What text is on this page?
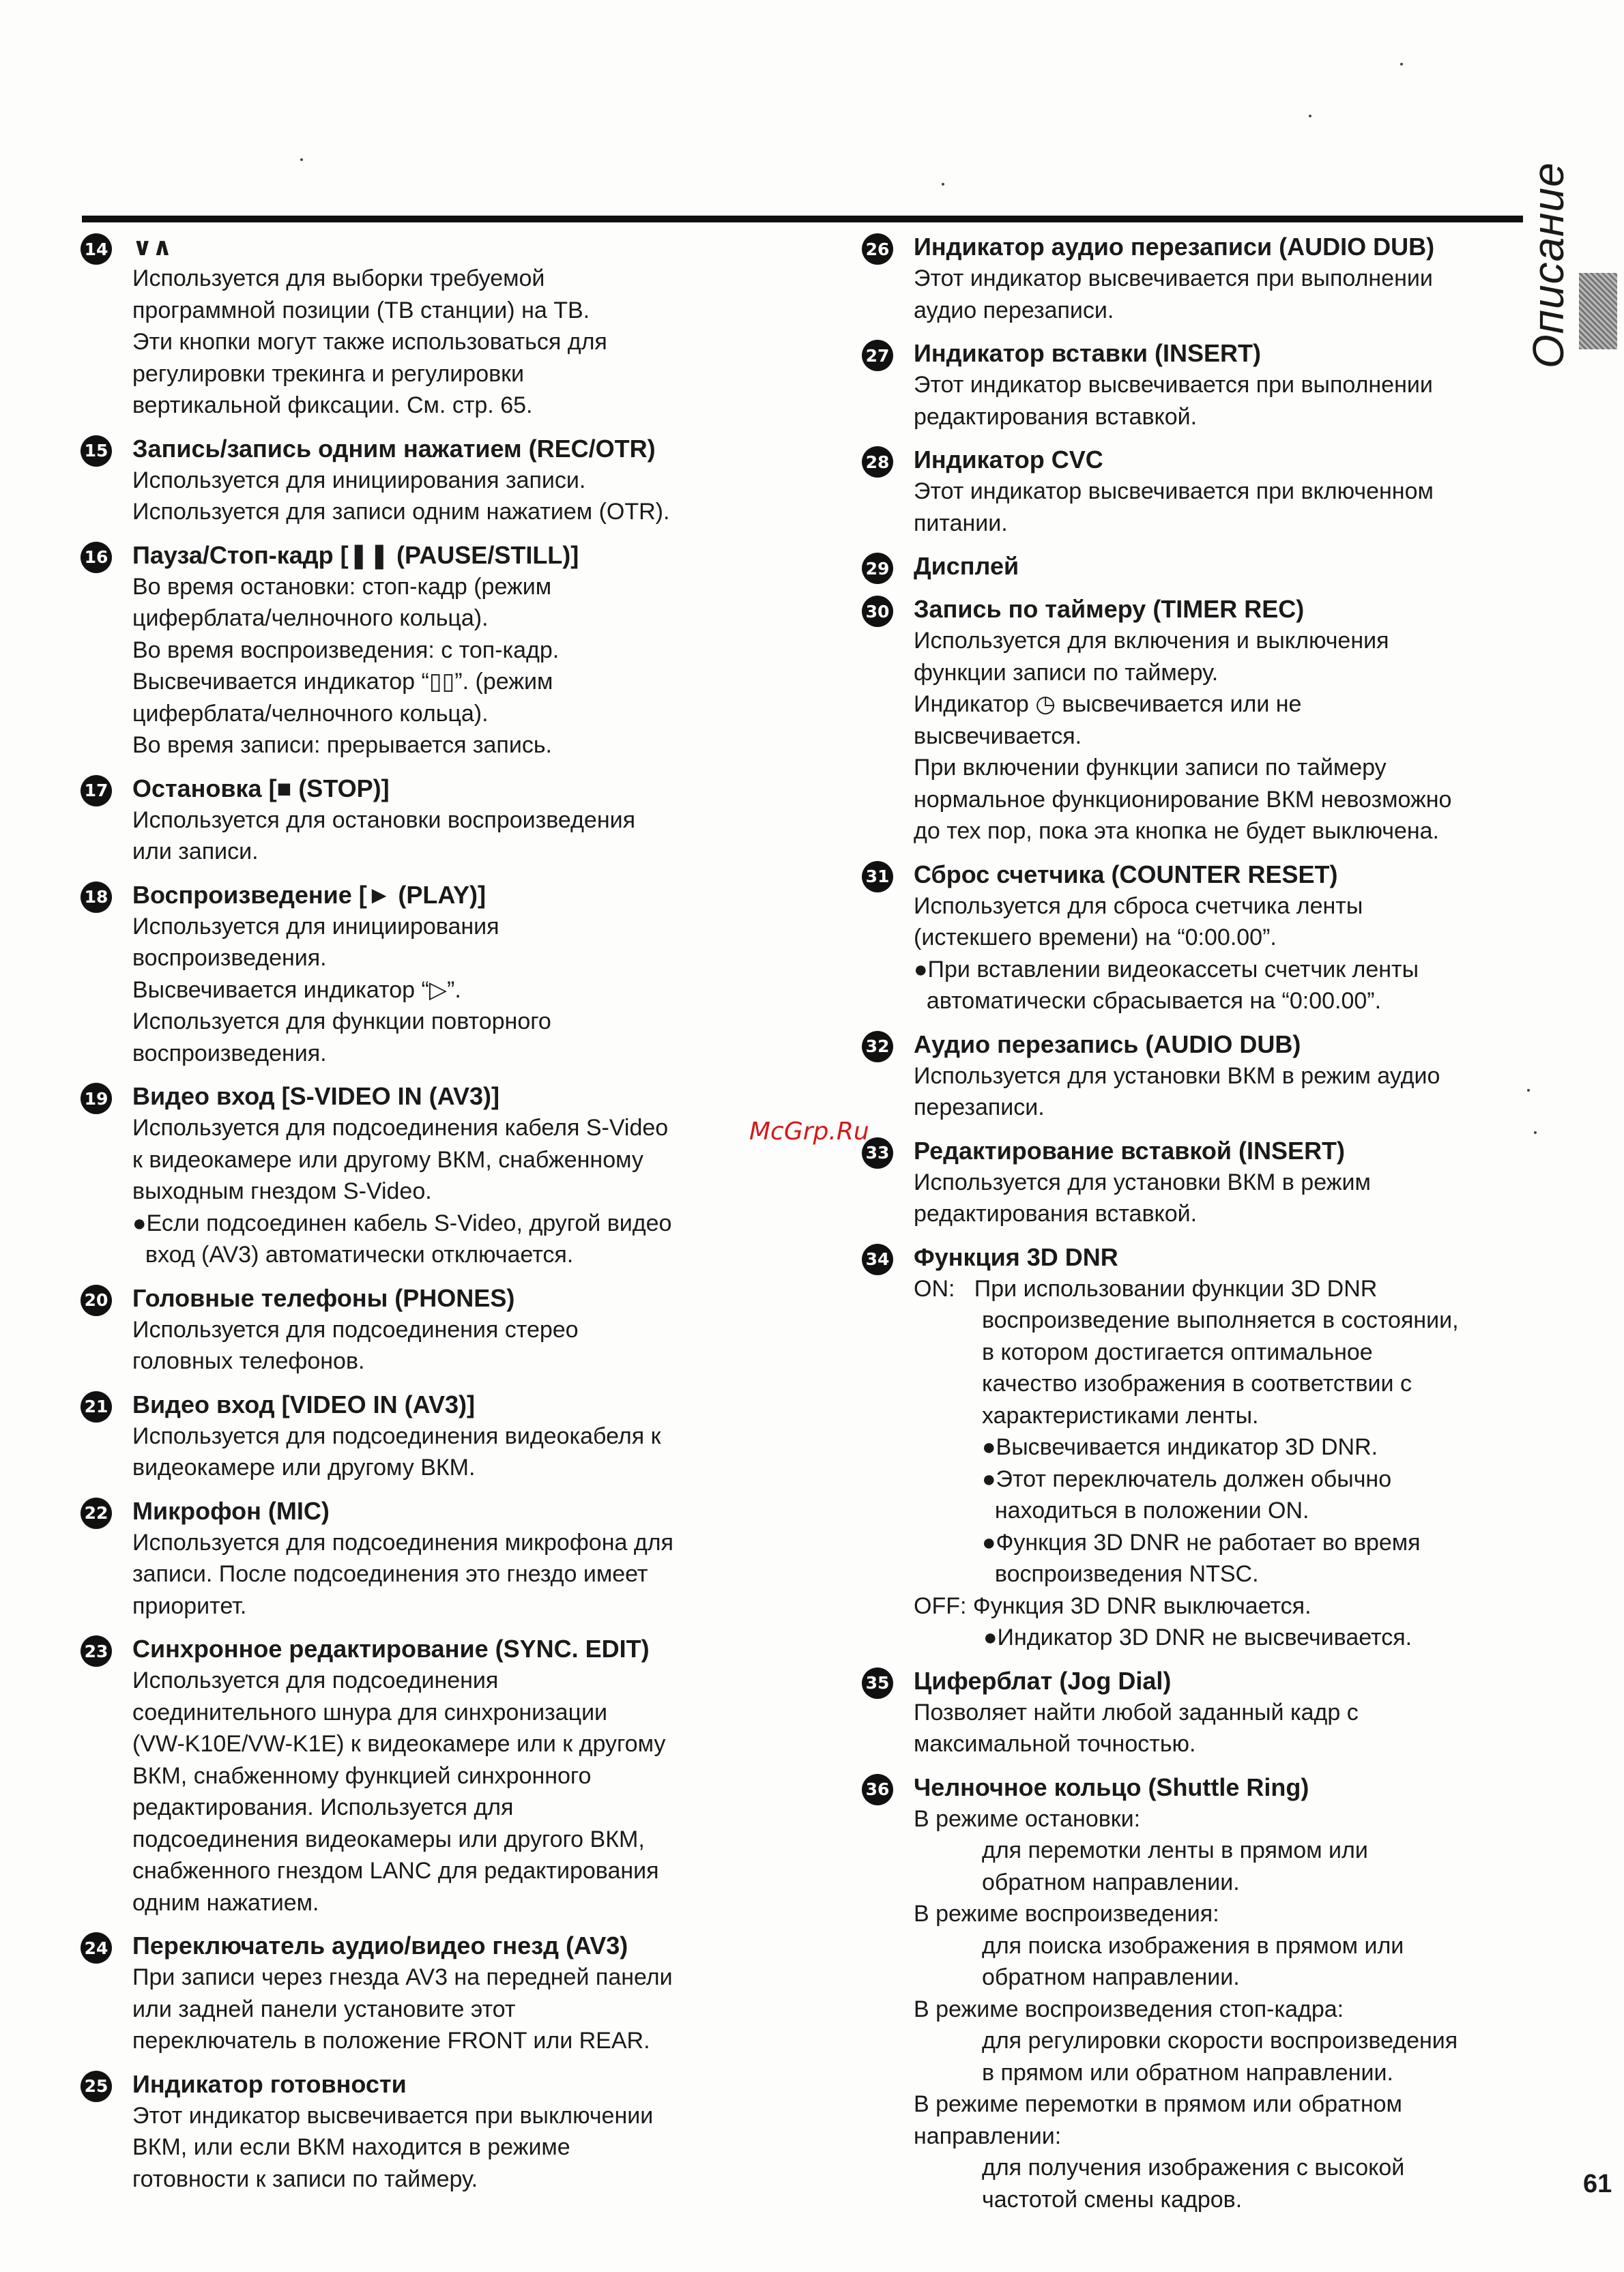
Описание
14 ∨∧
Используется для выборки требуемой
программной позиции (ТВ станции) на ТВ.
Эти кнопки могут также использоваться для
регулировки трекинга и регулировки
вертикальной фиксации. См. стр. 65.
15 Запись/запись одним нажатием (REC/OTR)
Используется для инициирования записи.
Используется для записи одним нажатием (OTR).
16 Пауза/Стоп-кадр [❚❚ (PAUSE/STILL)]
Во время остановки: стоп-кадр (режим
циферблата/челночного кольца).
Во время воспроизведения: с топ-кадр.
Высвечивается индикатор “▯▯”. (режим
циферблата/челночного кольца).
Во время записи: прерывается запись.
17 Остановка [■ (STOP)]
Используется для остановки воспроизведения
или записи.
18 Воспроизведение [► (PLAY)]
Используется для инициирования
воспроизведения.
Высвечивается индикатор “▷”.
Используется для функции повторного
воспроизведения.
19 Видео вход [S-VIDEO IN (AV3)]
Используется для подсоединения кабеля S-Video
к видеокамере или другому ВКМ, снабженному
выходным гнездом S-Video.
●Если подсоединен кабель S-Video, другой видео
вход (AV3) автоматически отключается.
20 Головные телефоны (PHONES)
Используется для подсоединения стерео
головных телефонов.
21 Видео вход [VIDEO IN (AV3)]
Используется для подсоединения видеокабеля к
видеокамере или другому ВКМ.
22 Микрофон (MIC)
Используется для подсоединения микрофона для
записи. После подсоединения это гнездо имеет
приоритет.
23 Синхронное редактирование (SYNC. EDIT)
Используется для подсоединения
соединительного шнура для синхронизации
(VW-K10E/VW-K1E) к видеокамере или к другому
ВКМ, снабженному функцией синхронного
редактирования. Используется для
подсоединения видеокамеры или другого ВКМ,
снабженного гнездом LANC для редактирования
одним нажатием.
24 Переключатель аудио/видео гнезд (AV3)
При записи через гнезда AV3 на передней панели
или задней панели установите этот
переключатель в положение FRONT или REAR.
25 Индикатор готовности
Этот индикатор высвечивается при выключении
ВКМ, или если ВКМ находится в режиме
готовности к записи по таймеру.
26 Индикатор аудио перезаписи (AUDIO DUB)
Этот индикатор высвечивается при выполнении
аудио перезаписи.
27 Индикатор вставки (INSERT)
Этот индикатор высвечивается при выполнении
редактирования вставкой.
28 Индикатор CVC
Этот индикатор высвечивается при включенном
питании.
29 Дисплей
30 Запись по таймеру (TIMER REC)
Используется для включения и выключения
функции записи по таймеру.
Индикатор ◷ высвечивается или не
высвечивается.
При включении функции записи по таймеру
нормальное функционирование ВКМ невозможно
до тех пор, пока эта кнопка не будет выключена.
31 Сброс счетчика (COUNTER RESET)
Используется для сброса счетчика ленты
(истекшего времени) на “0:00.00”.
●При вставлении видеокассеты счетчик ленты
автоматически сбрасывается на “0:00.00”.
32 Аудио перезапись (AUDIO DUB)
Используется для установки ВКМ в режим аудио
перезаписи.
33 Редактирование вставкой (INSERT)
Используется для установки ВКМ в режим
редактирования вставкой.
34 Функция 3D DNR
ON:   При использовании функции 3D DNR
воспроизведение выполняется в состоянии,
в котором достигается оптимальное
качество изображения в соответствии с
характеристиками ленты.
●Высвечивается индикатор 3D DNR.
●Этот переключатель должен обычно
находиться в положении ON.
●Функция 3D DNR не работает во время
воспроизведения NTSC.
OFF: Функция 3D DNR выключается.
●Индикатор 3D DNR не высвечивается.
35 Циферблат (Jog Dial)
Позволяет найти любой заданный кадр с
максимальной точностью.
36 Челночное кольцо (Shuttle Ring)
В режиме остановки:
для перемотки ленты в прямом или
обратном направлении.
В режиме воспроизведения:
для поиска изображения в прямом или
обратном направлении.
В режиме воспроизведения стоп-кадра:
для регулировки скорости воспроизведения
в прямом или обратном направлении.
В режиме перемотки в прямом или обратном
направлении:
для получения изображения с высокой
частотой смены кадров.
McGrp.Ru
61
